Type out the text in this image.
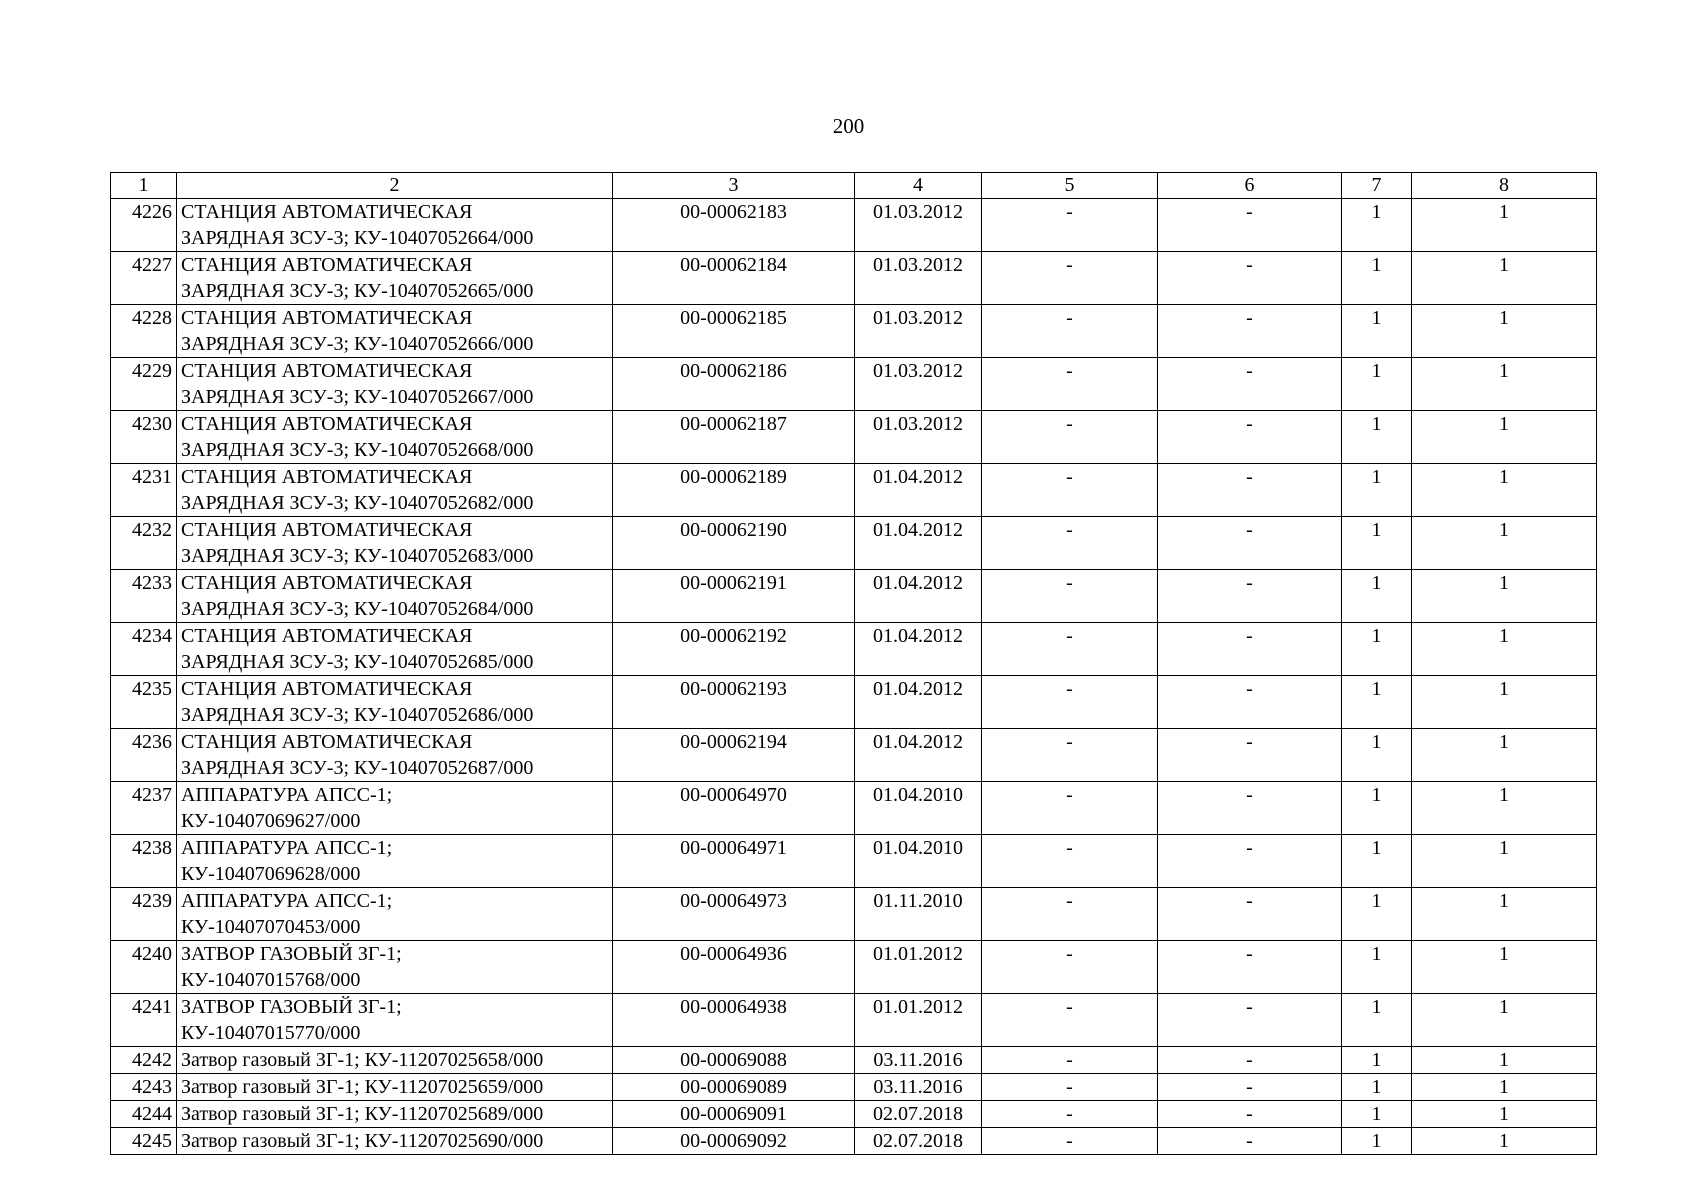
200
1	2	3	4	5	6	7	8
4226	СТАНЦИЯ АВТОМАТИЧЕСКАЯ
ЗАРЯДНАЯ ЗСУ-3; КУ-10407052664/000	00-00062183	01.03.2012	-	-	1	1
4227	СТАНЦИЯ АВТОМАТИЧЕСКАЯ
ЗАРЯДНАЯ ЗСУ-3; КУ-10407052665/000	00-00062184	01.03.2012	-	-	1	1
4228	СТАНЦИЯ АВТОМАТИЧЕСКАЯ
ЗАРЯДНАЯ ЗСУ-3; КУ-10407052666/000	00-00062185	01.03.2012	-	-	1	1
4229	СТАНЦИЯ АВТОМАТИЧЕСКАЯ
ЗАРЯДНАЯ ЗСУ-3; КУ-10407052667/000	00-00062186	01.03.2012	-	-	1	1
4230	СТАНЦИЯ АВТОМАТИЧЕСКАЯ
ЗАРЯДНАЯ ЗСУ-3; КУ-10407052668/000	00-00062187	01.03.2012	-	-	1	1
4231	СТАНЦИЯ АВТОМАТИЧЕСКАЯ
ЗАРЯДНАЯ ЗСУ-3; КУ-10407052682/000	00-00062189	01.04.2012	-	-	1	1
4232	СТАНЦИЯ АВТОМАТИЧЕСКАЯ
ЗАРЯДНАЯ ЗСУ-3; КУ-10407052683/000	00-00062190	01.04.2012	-	-	1	1
4233	СТАНЦИЯ АВТОМАТИЧЕСКАЯ
ЗАРЯДНАЯ ЗСУ-3; КУ-10407052684/000	00-00062191	01.04.2012	-	-	1	1
4234	СТАНЦИЯ АВТОМАТИЧЕСКАЯ
ЗАРЯДНАЯ ЗСУ-3; КУ-10407052685/000	00-00062192	01.04.2012	-	-	1	1
4235	СТАНЦИЯ АВТОМАТИЧЕСКАЯ
ЗАРЯДНАЯ ЗСУ-3; КУ-10407052686/000	00-00062193	01.04.2012	-	-	1	1
4236	СТАНЦИЯ АВТОМАТИЧЕСКАЯ
ЗАРЯДНАЯ ЗСУ-3; КУ-10407052687/000	00-00062194	01.04.2012	-	-	1	1
4237	АППАРАТУРА АПСС-1;
КУ-10407069627/000	00-00064970	01.04.2010	-	-	1	1
4238	АППАРАТУРА АПСС-1;
КУ-10407069628/000	00-00064971	01.04.2010	-	-	1	1
4239	АППАРАТУРА АПСС-1;
КУ-10407070453/000	00-00064973	01.11.2010	-	-	1	1
4240	ЗАТВОР ГАЗОВЫЙ ЗГ-1;
КУ-10407015768/000	00-00064936	01.01.2012	-	-	1	1
4241	ЗАТВОР ГАЗОВЫЙ ЗГ-1;
КУ-10407015770/000	00-00064938	01.01.2012	-	-	1	1
4242	Затвор газовый ЗГ-1; КУ-11207025658/000	00-00069088	03.11.2016	-	-	1	1
4243	Затвор газовый ЗГ-1; КУ-11207025659/000	00-00069089	03.11.2016	-	-	1	1
4244	Затвор газовый ЗГ-1; КУ-11207025689/000	00-00069091	02.07.2018	-	-	1	1
4245	Затвор газовый ЗГ-1; КУ-11207025690/000	00-00069092	02.07.2018	-	-	1	1
